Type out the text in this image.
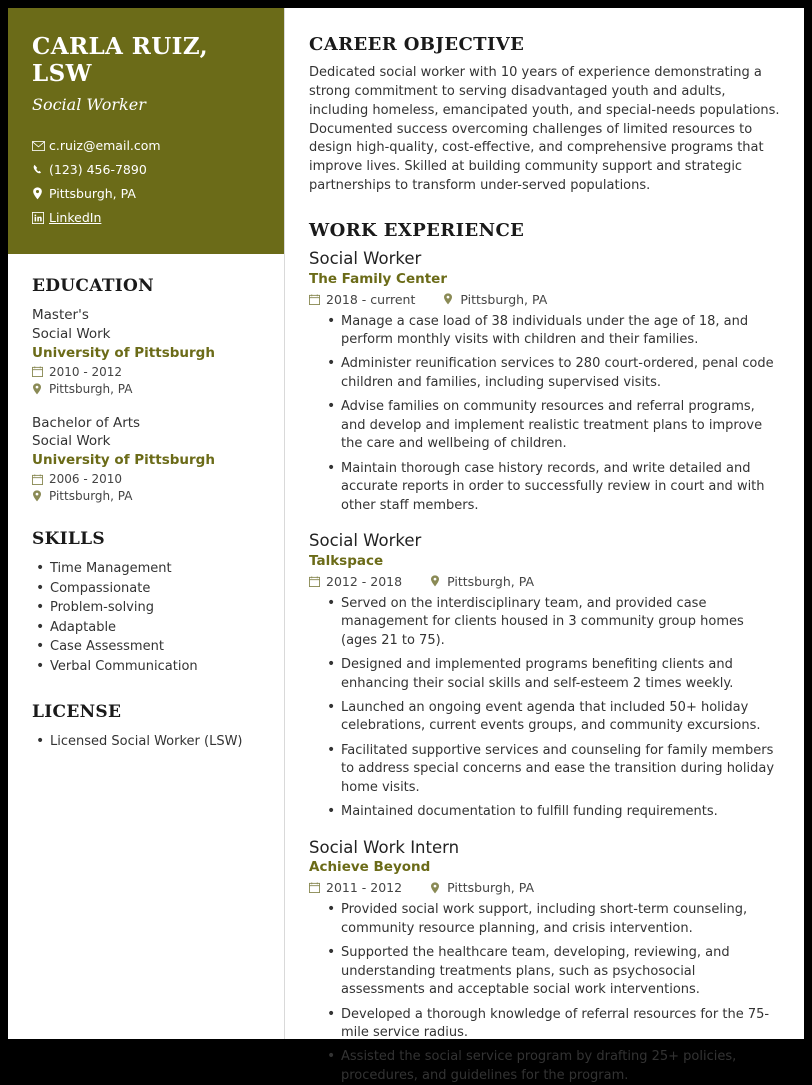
CARLA RUIZ, LSW
Social Worker
c.ruiz@email.com
(123) 456-7890
Pittsburgh, PA
LinkedIn
EDUCATION
Master's
Social Work
University of Pittsburgh
2010 - 2012
Pittsburgh, PA
Bachelor of Arts
Social Work
University of Pittsburgh
2006 - 2010
Pittsburgh, PA
SKILLS
• Time Management
• Compassionate
• Problem-solving
• Adaptable
• Case Assessment
• Verbal Communication
LICENSE
• Licensed Social Worker (LSW)
CAREER OBJECTIVE

Dedicated social worker with 10 years of experience demonstrating a strong commitment to serving disadvantaged youth and adults, including homeless, emancipated youth, and special-needs populations. Documented success overcoming challenges of limited resources to design high-quality, cost-effective, and comprehensive programs that improve lives. Skilled at building community support and strategic partnerships to transform under-served populations.

WORK EXPERIENCE
Social Worker
The Family Center
2018 - current	Pittsburgh, PA
• Manage a case load of 38 individuals under the age of 18, and perform monthly visits with children and their families.
• Administer reunification services to 280 court-ordered, penal code children and families, including supervised visits.
• Advise families on community resources and referral programs, and develop and implement realistic treatment plans to improve the care and wellbeing of children.
• Maintain thorough case history records, and write detailed and accurate reports in order to successfully review in court and with other staff members.
Social Worker
Talkspace
2012 - 2018	Pittsburgh, PA
• Served on the interdisciplinary team, and provided case management for clients housed in 3 community group homes (ages 21 to 75).
• Designed and implemented programs benefiting clients and enhancing their social skills and self-esteem 2 times weekly.
• Launched an ongoing event agenda that included 50+ holiday celebrations, current events groups, and community excursions.
• Facilitated supportive services and counseling for family members to address special concerns and ease the transition during holiday home visits.
• Maintained documentation to fulfill funding requirements.
Social Work Intern
Achieve Beyond
2011 - 2012	Pittsburgh, PA
• Provided social work support, including short-term counseling, community resource planning, and crisis intervention.
• Supported the healthcare team, developing, reviewing, and understanding treatments plans, such as psychosocial assessments and acceptable social work interventions.
• Developed a thorough knowledge of referral resources for the 75-mile service radius.
• Assisted the social service program by drafting 25+ policies, procedures, and guidelines for the program.
